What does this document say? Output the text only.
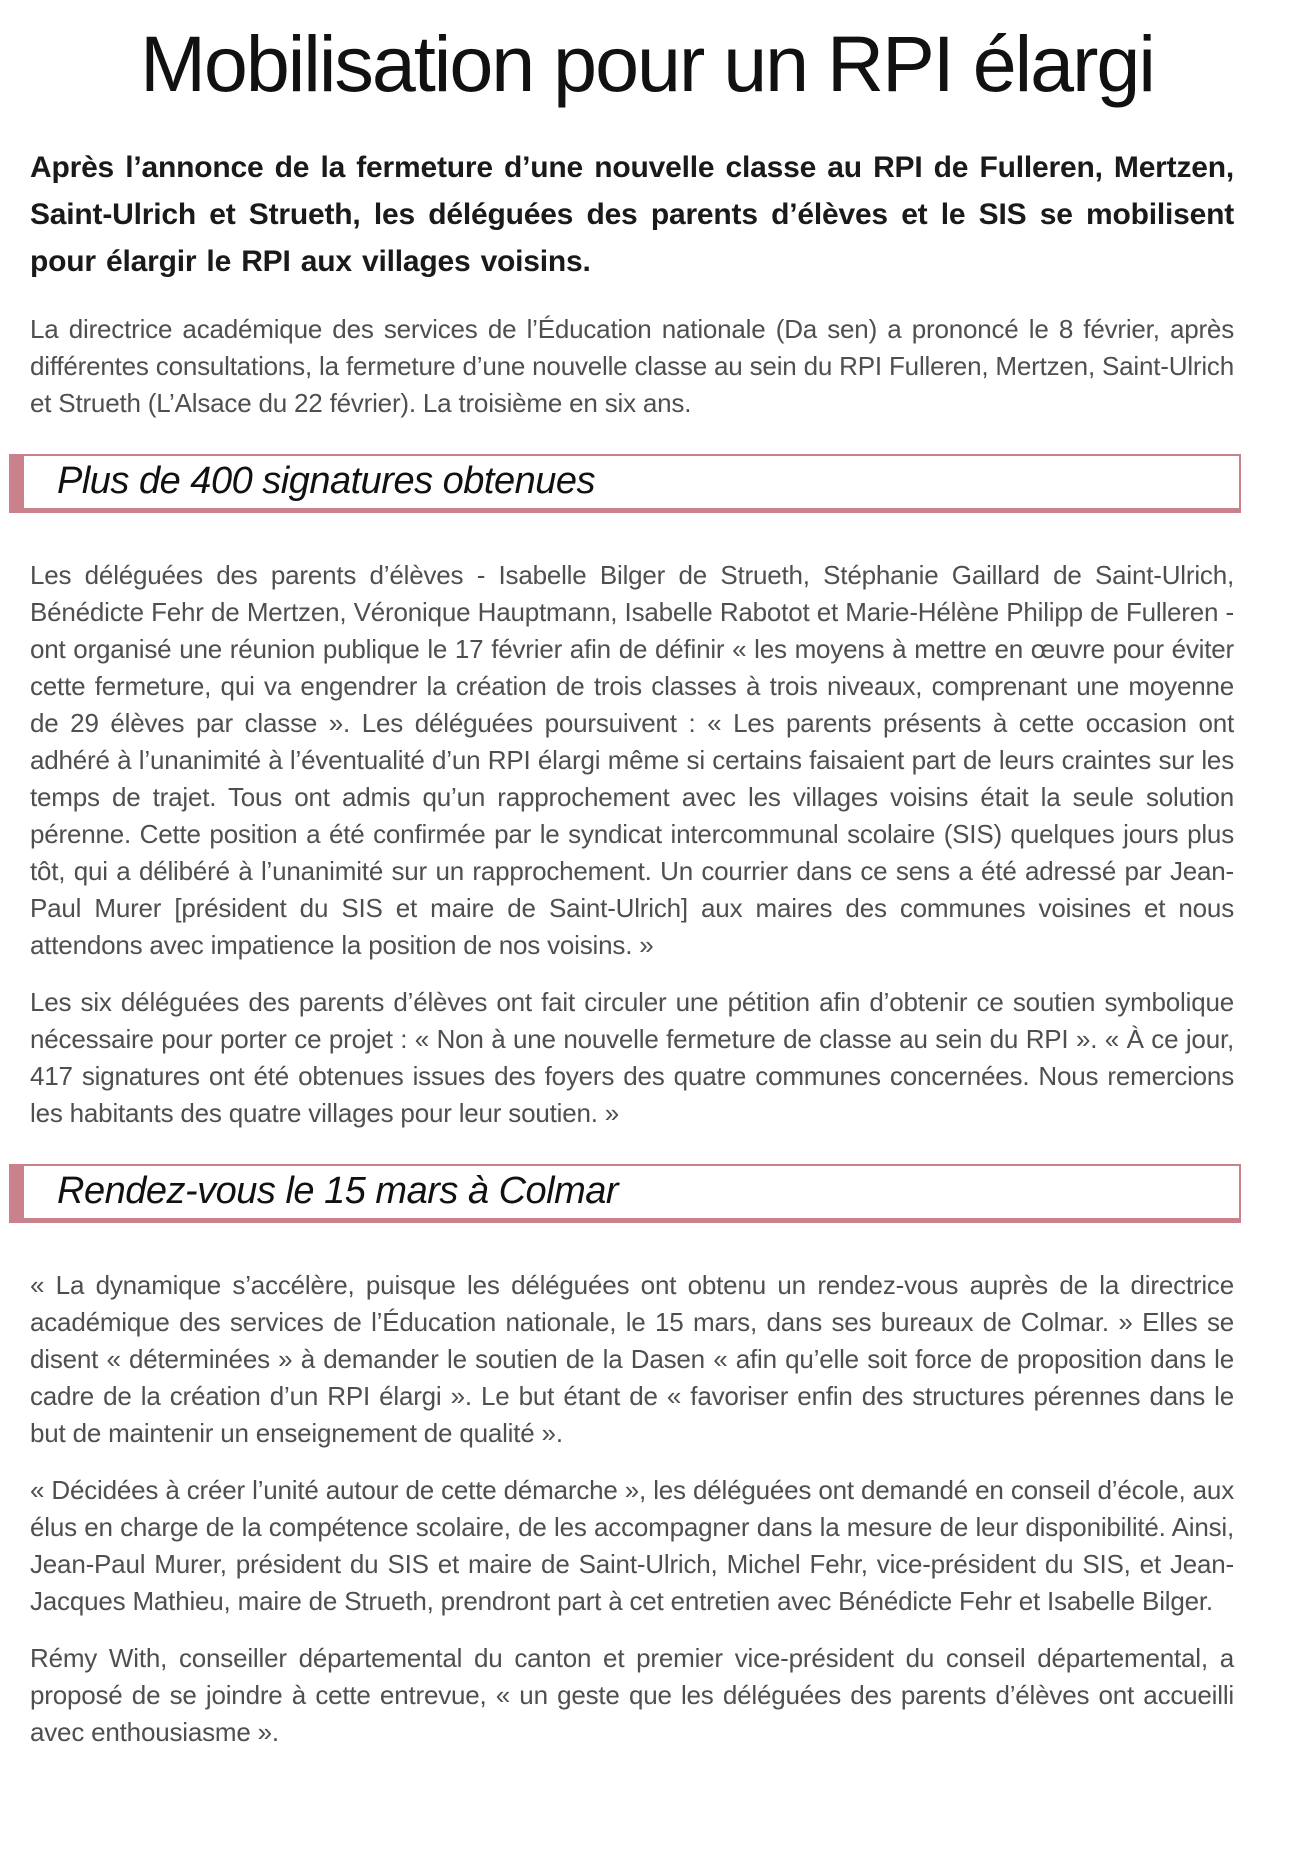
Mobilisation pour un RPI élargi

Après l’annonce de la fermeture d’une nouvelle classe au RPI de Fulleren, Mertzen, Saint-Ulrich et Strueth, les déléguées des parents d’élèves et le SIS se mobilisent pour élargir le RPI aux villages voisins.

La directrice académique des services de l’Éducation nationale (Da sen) a prononcé le 8 février, après différentes consultations, la fermeture d’une nouvelle classe au sein du RPI Fulleren, Mertzen, Saint-Ulrich et Strueth (L’Alsace du 22 février). La troisième en six ans.

Plus de 400 signatures obtenues

Les déléguées des parents d’élèves - Isabelle Bilger de Strueth, Stéphanie Gaillard de Saint-Ulrich, Bénédicte Fehr de Mertzen, Véronique Hauptmann, Isabelle Rabotot et Marie-Hélène Philipp de Fulleren - ont organisé une réunion publique le 17 février afin de définir « les moyens à mettre en œuvre pour éviter cette fermeture, qui va engendrer la création de trois classes à trois niveaux, comprenant une moyenne de 29 élèves par classe ». Les déléguées poursuivent : « Les parents présents à cette occasion ont adhéré à l’unanimité à l’éventualité d’un RPI élargi même si certains faisaient part de leurs craintes sur les temps de trajet. Tous ont admis qu’un rapprochement avec les villages voisins était la seule solution pérenne. Cette position a été confirmée par le syndicat intercommunal scolaire (SIS) quelques jours plus tôt, qui a délibéré à l’unanimité sur un rapprochement. Un courrier dans ce sens a été adressé par Jean-Paul Murer [président du SIS et maire de Saint-Ulrich] aux maires des communes voisines et nous attendons avec impatience la position de nos voisins. »

Les six déléguées des parents d’élèves ont fait circuler une pétition afin d’obtenir ce soutien symbolique nécessaire pour porter ce projet : « Non à une nouvelle fermeture de classe au sein du RPI ». « À ce jour, 417 signatures ont été obtenues issues des foyers des quatre communes concernées. Nous remercions les habitants des quatre villages pour leur soutien. »

Rendez-vous le 15 mars à Colmar

« La dynamique s’accélère, puisque les déléguées ont obtenu un rendez-vous auprès de la directrice académique des services de l’Éducation nationale, le 15 mars, dans ses bureaux de Colmar. » Elles se disent « déterminées » à demander le soutien de la Dasen « afin qu’elle soit force de proposition dans le cadre de la création d’un RPI élargi ». Le but étant de « favoriser enfin des structures pérennes dans le but de maintenir un enseignement de qualité ».

« Décidées à créer l’unité autour de cette démarche », les déléguées ont demandé en conseil d’école, aux élus en charge de la compétence scolaire, de les accompagner dans la mesure de leur disponibilité. Ainsi, Jean-Paul Murer, président du SIS et maire de Saint-Ulrich, Michel Fehr, vice-président du SIS, et Jean-Jacques Mathieu, maire de Strueth, prendront part à cet entretien avec Bénédicte Fehr et Isabelle Bilger.

Rémy With, conseiller départemental du canton et premier vice-président du conseil départemental, a proposé de se joindre à cette entrevue, « un geste que les déléguées des parents d’élèves ont accueilli avec enthousiasme ».
